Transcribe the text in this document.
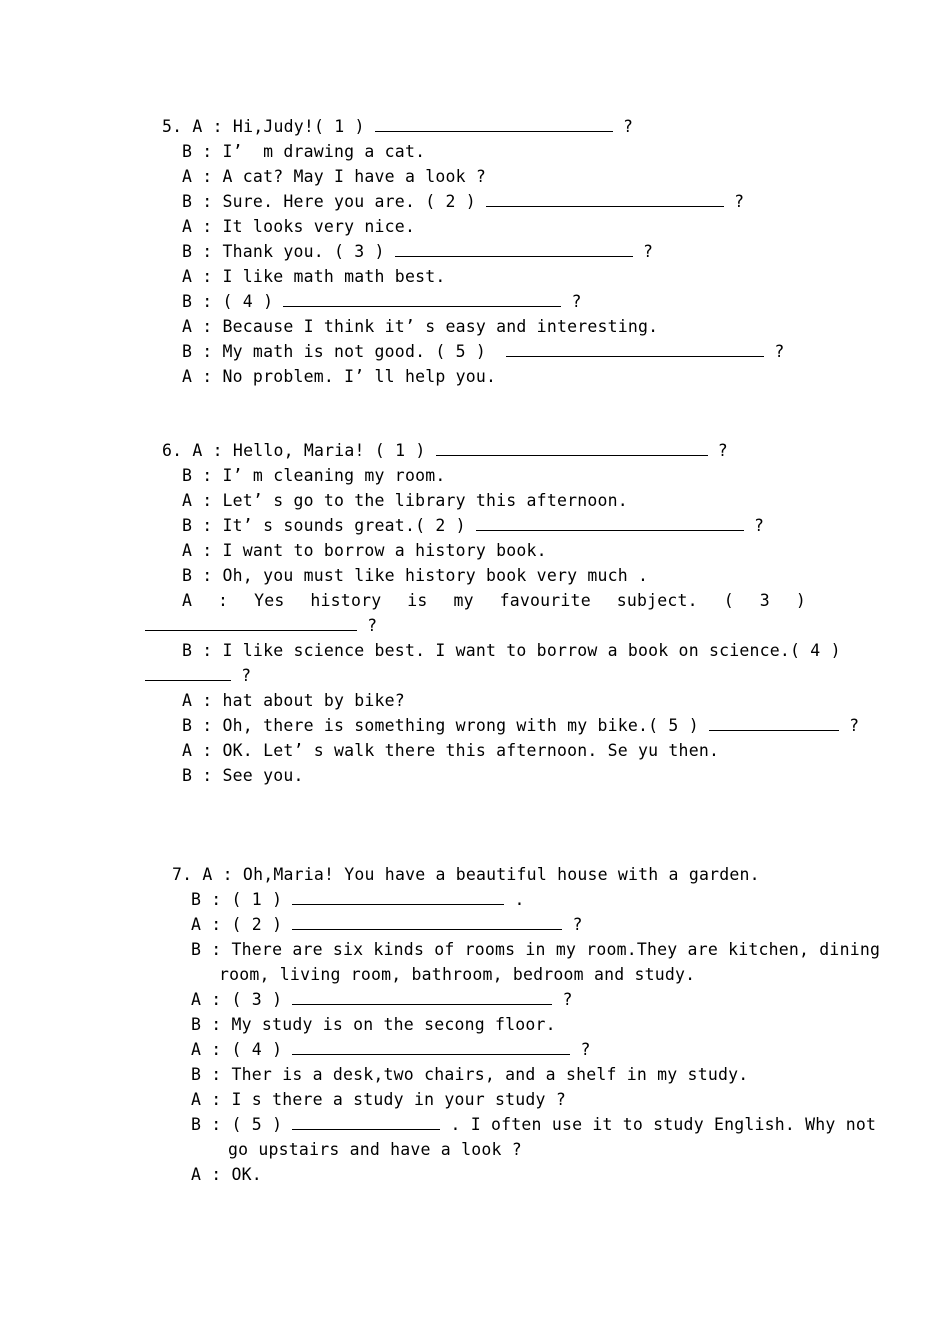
5. A : Hi,Judy!( 1 )	?
B : I’  m drawing a cat.
A : A cat? May I have a look ?
B : Sure. Here you are. ( 2 )	?
A : It looks very nice.
B : Thank you. ( 3 )	?
A : I like math math best.
B : ( 4 )	?
A : Because I think it’ s easy and interesting.
B : My math is not good. ( 5 )	?
A : No problem. I’ ll help you.
6. A : Hello, Maria! ( 1 )	?
B : I’ m cleaning my room.
A : Let’ s go to the library this afternoon.
B : It’ s sounds great.( 2 )	?
A : I want to borrow a history book.
B : Oh, you must like history book very much .
A : Yes history is my favourite subject. ( 3 )
?
B : I like science best. I want to borrow a book on science.( 4 )
?
A : hat about by bike?
B : Oh, there is something wrong with my bike.( 5 )	?
A : OK. Let’ s walk there this afternoon. Se yu then.
B : See you.
7. A : Oh,Maria! You have a beautiful house with a garden.
B : ( 1 )	.
A : ( 2 )	?
B : There are six kinds of rooms in my room.They are kitchen, dining
room, living room, bathroom, bedroom and study.
A : ( 3 )	?
B : My study is on the secong floor.
A : ( 4 )	?
B : Ther is a desk,two chairs, and a shelf in my study.
A : I s there a study in your study ?
B : ( 5 )	. I often use it to study English. Why not
go upstairs and have a look ?
A : OK.
